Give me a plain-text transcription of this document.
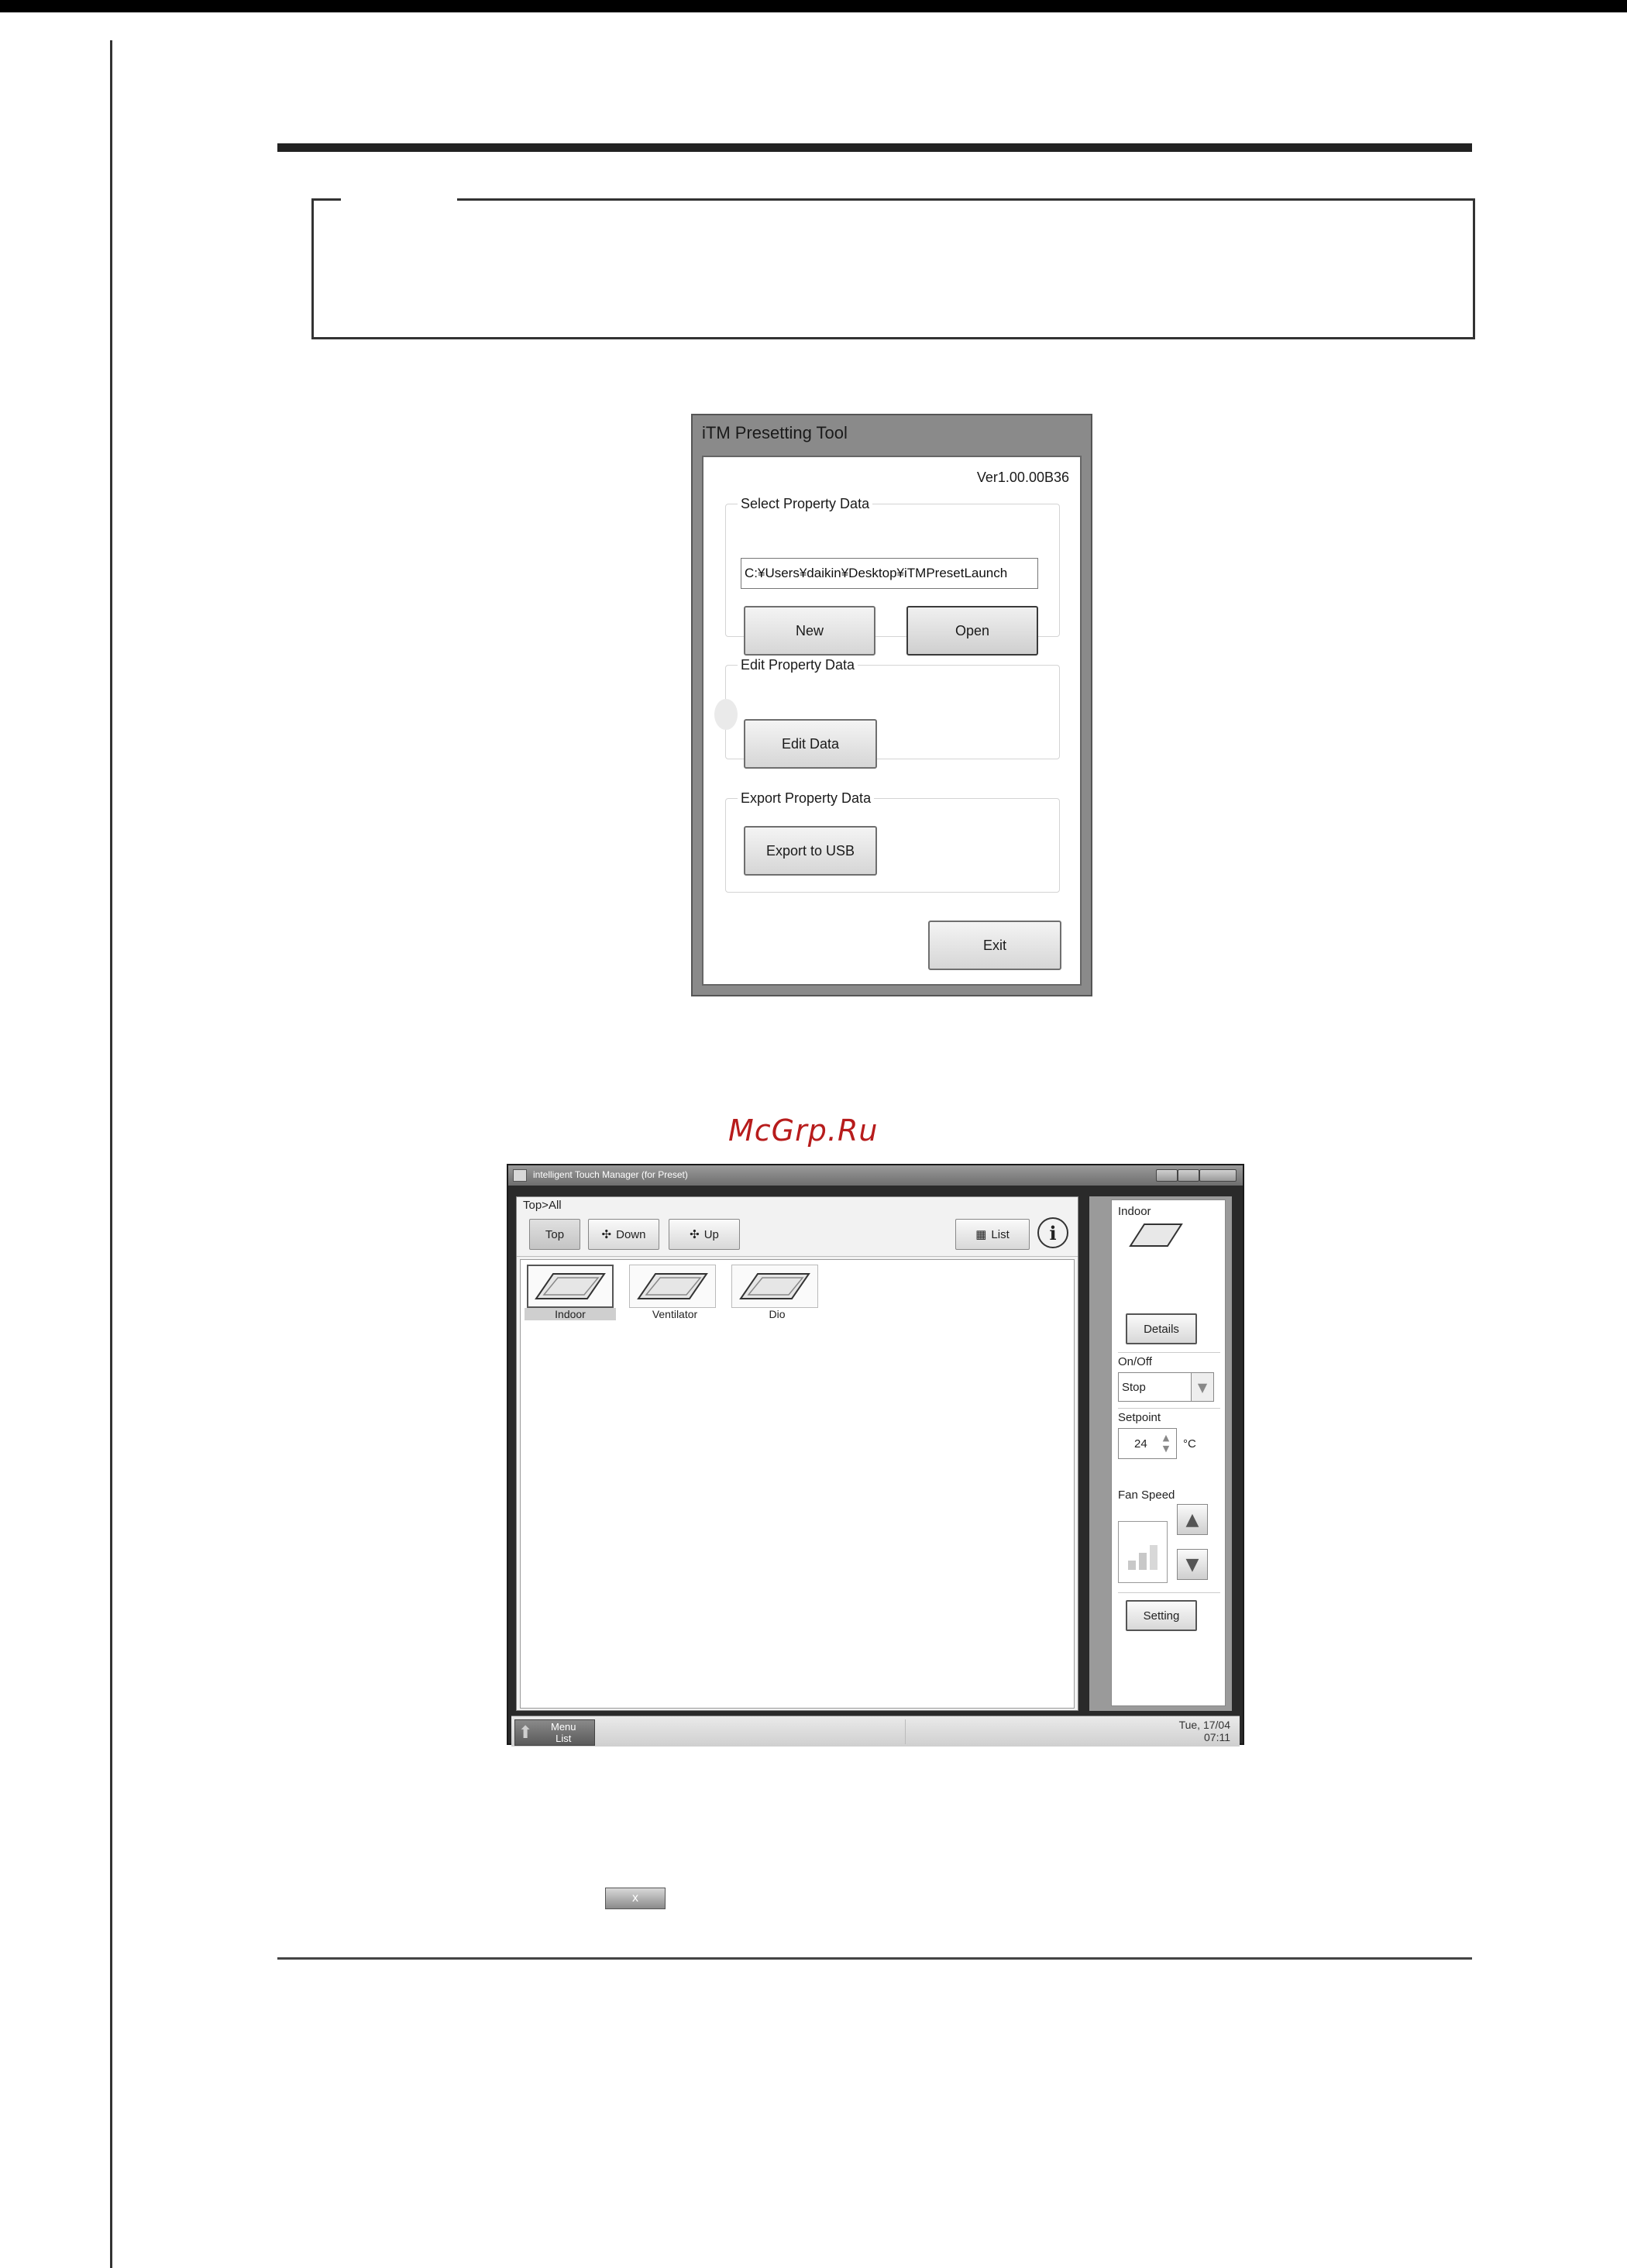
iTM Presetting Tool
Ver1.00.00B36
Select Property Data
C:¥Users¥daikin¥Desktop¥iTMPresetLaunch
New	Open
Edit Property Data
Edit Data
Export Property Data
Export to USB
Exit
McGrp.Ru
intelligent Touch Manager (for Preset)
Top>All
Top	✣ Down	✣ Up	▦ List	i
Indoor	Ventilator	Dio
Indoor
Details
On/Off
Stop	▼
Setpoint
24	▲
▼	°C
Fan Speed
▲
▼
Setting
⬆ Menu
List
Tue, 17/04
07:11
x
